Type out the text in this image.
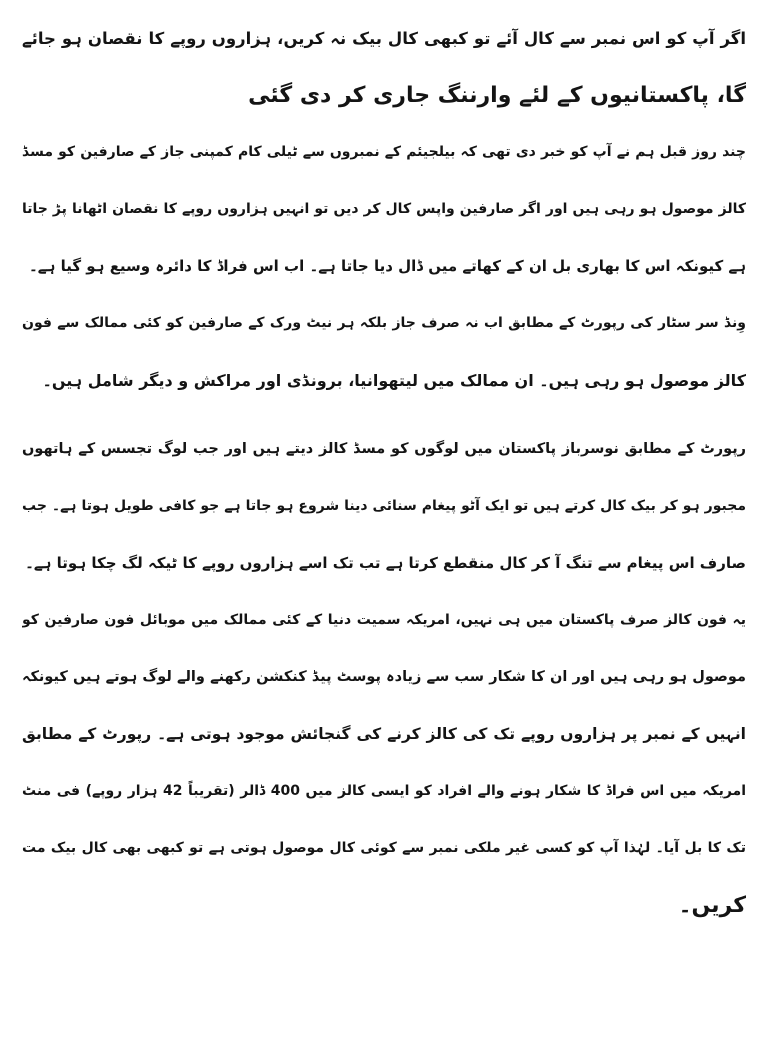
اگر آپ کو اس نمبر سے کال آئے تو کبھی کال بیک نہ کریں، ہزاروں روپے کا نقصان ہو جائے
گا، پاکستانیوں کے لئے وارننگ جاری کر دی گئی
چند روز قبل ہم نے آپ کو خبر دی تھی کہ بیلجیئم کے نمبروں سے ٹیلی کام کمپنی جاز کے صارفین کو مسڈ
کالز موصول ہو رہی ہیں اور اگر صارفین واپس کال کر دیں تو انہیں ہزاروں روپے کا نقصان اٹھانا پڑ جاتا
ہے کیونکہ اس کا بھاری بل ان کے کھاتے میں ڈال دیا جاتا ہے۔ اب اس فراڈ کا دائرہ وسیع ہو گیا ہے۔
وِنڈ سر سٹار کی رپورٹ کے مطابق اب نہ صرف جاز بلکہ ہر نیٹ ورک کے صارفین کو کئی ممالک سے فون
کالز موصول ہو رہی ہیں۔ ان ممالک میں لیتھوانیا، برونڈی اور مراکش و دیگر شامل ہیں۔
رپورٹ کے مطابق نوسرباز پاکستان میں لوگوں کو مسڈ کالز دیتے ہیں اور جب لوگ تجسس کے ہاتھوں
مجبور ہو کر بیک کال کرتے ہیں تو ایک آٹو پیغام سنائی دینا شروع ہو جاتا ہے جو کافی طویل ہوتا ہے۔ جب
صارف اس پیغام سے تنگ آ کر کال منقطع کرتا ہے تب تک اسے ہزاروں روپے کا ٹیکہ لگ چکا ہوتا ہے۔
یہ فون کالز صرف پاکستان میں ہی نہیں، امریکہ سمیت دنیا کے کئی ممالک میں موبائل فون صارفین کو
موصول ہو رہی ہیں اور ان کا شکار سب سے زیادہ پوسٹ پیڈ کنکشن رکھنے والے لوگ ہوتے ہیں کیونکہ
انہیں کے نمبر پر ہزاروں روپے تک کی کالز کرنے کی گنجائش موجود ہوتی ہے۔ رپورٹ کے مطابق
امریکہ میں اس فراڈ کا شکار ہونے والے افراد کو ایسی کالز میں 400 ڈالر (تقریباً 42 ہزار روپے) فی منٹ
تک کا بل آیا۔ لہٰذا آپ کو کسی غیر ملکی نمبر سے کوئی کال موصول ہوتی ہے تو کبھی بھی کال بیک مت
کریں۔
